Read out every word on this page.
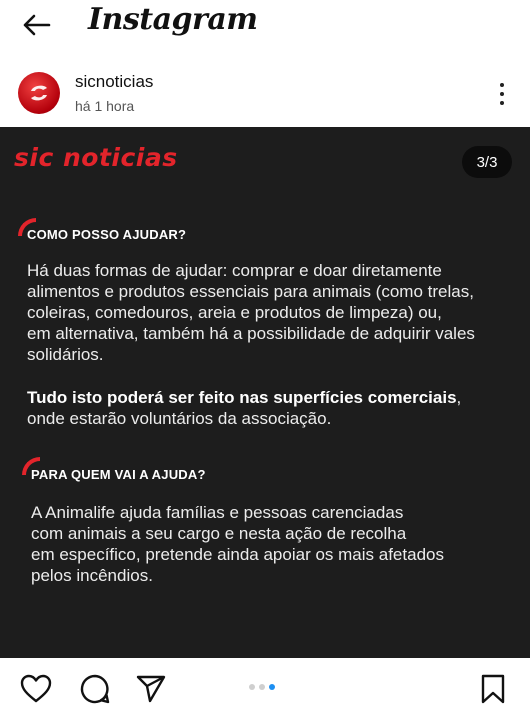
Instagram
sicnoticias
há 1 hora
sic noticias	3/3
COMO POSSO AJUDAR?
Há duas formas de ajudar: comprar e doar diretamente
alimentos e produtos essenciais para animais (como trelas,
coleiras, comedouros, areia e produtos de limpeza) ou,
em alternativa, também há a possibilidade de adquirir vales
solidários.
Tudo isto poderá ser feito nas superfícies comerciais,
onde estarão voluntários da associação.
PARA QUEM VAI A AJUDA?
A Animalife ajuda famílias e pessoas carenciadas
com animais a seu cargo e nesta ação de recolha
em específico, pretende ainda apoiar os mais afetados
pelos incêndios.
